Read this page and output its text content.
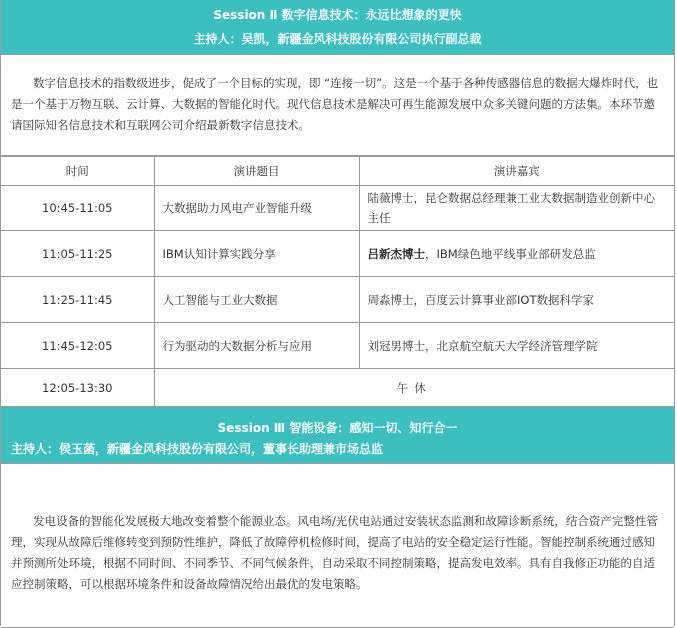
Session Ⅱ 数字信息技术：永远比想象的更快
主持人：吴凯，新疆金风科技股份有限公司执行副总裁
数字信息技术的指数级进步，促成了一个目标的实现，即 “连接一切”。这是一个基于各种传感器信息的数据大爆炸时代，也是一个基于万物互联、云计算、大数据的智能化时代。现代信息技术是解决可再生能源发展中众多关键问题的方法集。本环节邀请国际知名信息技术和互联网公司介绍最新数字信息技术。
时间	演讲题目	演讲嘉宾
10:45-11:05	大数据助力风电产业智能升级	陆薇博士，昆仑数据总经理兼工业大数据制造业创新中心主任
11:05-11:25	IBM认知计算实践分享	吕新杰博士，IBM绿色地平线事业部研发总监
11:25-11:45	人工智能与工业大数据	周淼博士，百度云计算事业部IOT数据科学家
11:45-12:05	行为驱动的大数据分析与应用	刘冠男博士，北京航空航天大学经济管理学院
12:05-13:30	午休	
Session Ⅲ 智能设备：感知一切、知行合一
主持人：侯玉菡，新疆金风科技股份有限公司，董事长助理兼市场总监
发电设备的智能化发展极大地改变着整个能源业态。风电场/光伏电站通过安装状态监测和故障诊断系统，结合资产完整性管理，实现从故障后维修转变到预防性维护，降低了故障停机检修时间，提高了电站的安全稳定运行性能。智能控制系统通过感知并预测所处环境，根据不同时间、不同季节、不同气候条件，自动采取不同控制策略，提高发电效率。具有自我修正功能的自适应控制策略，可以根据环境条件和设备故障情况给出最优的发电策略。
